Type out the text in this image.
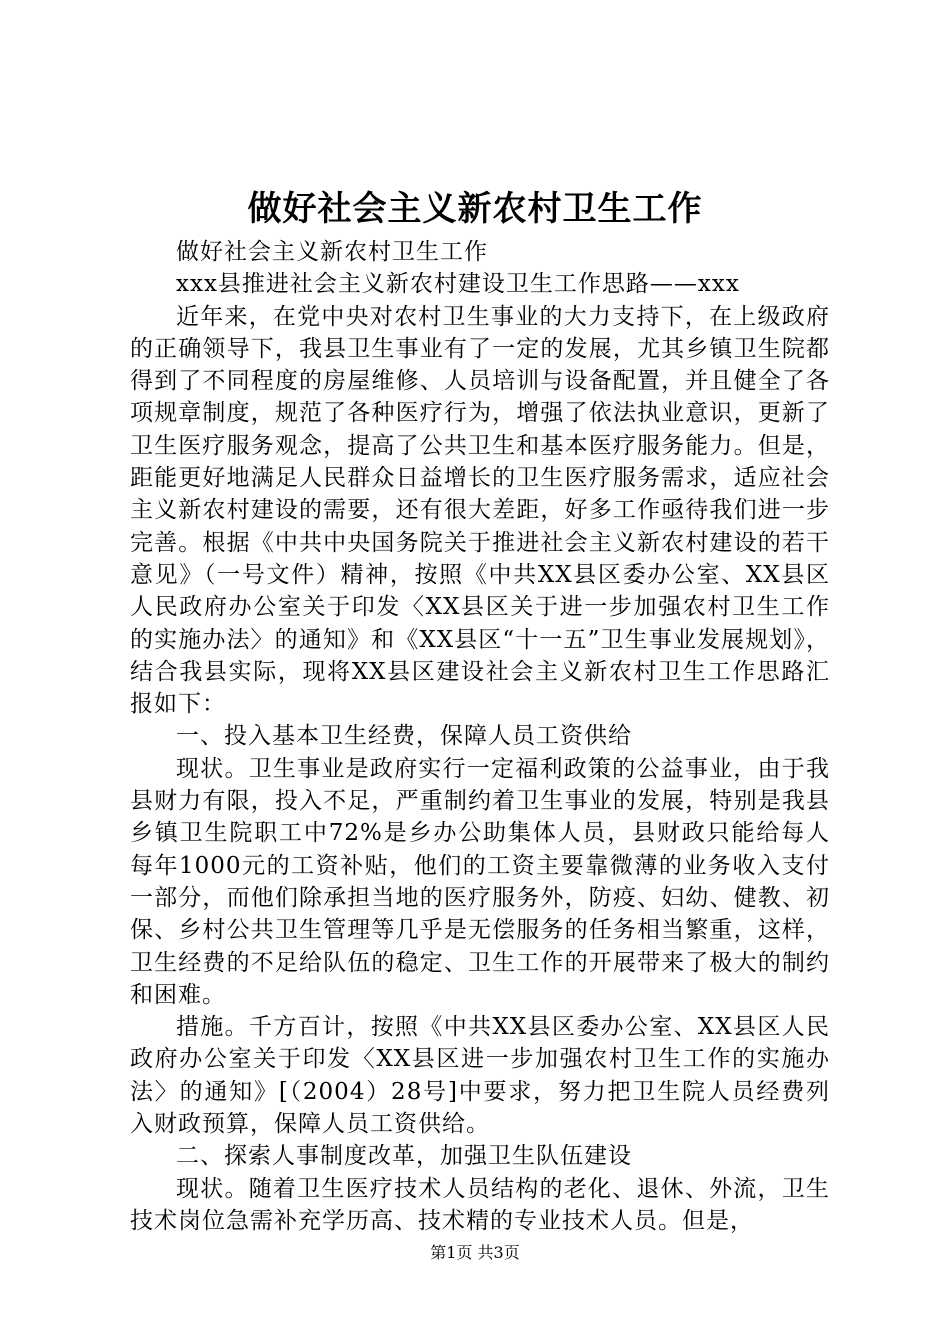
做好社会主义新农村卫生工作

做好社会主义新农村卫生工作

xxx县推进社会主义新农村建设卫生工作思路——xxx

近年来，在党中央对农村卫生事业的大力支持下，在上级政府的正确领导下，我县卫生事业有了一定的发展，尤其乡镇卫生院都得到了不同程度的房屋维修、人员培训与设备配置，并且健全了各项规章制度，规范了各种医疗行为，增强了依法执业意识，更新了卫生医疗服务观念，提高了公共卫生和基本医疗服务能力。但是，距能更好地满足人民群众日益增长的卫生医疗服务需求，适应社会主义新农村建设的需要，还有很大差距，好多工作亟待我们进一步完善。根据《中共中央国务院关于推进社会主义新农村建设的若干意见》（一号文件）精神，按照《中共XX县区委办公室、XX县区人民政府办公室关于印发〈XX县区关于进一步加强农村卫生工作的实施办法〉的通知》和《XX县区“十一五”卫生事业发展规划》，结合我县实际，现将XX县区建设社会主义新农村卫生工作思路汇报如下：

一、投入基本卫生经费，保障人员工资供给

现状。卫生事业是政府实行一定福利政策的公益事业，由于我县财力有限，投入不足，严重制约着卫生事业的发展，特别是我县乡镇卫生院职工中72%是乡办公助集体人员，县财政只能给每人每年1000元的工资补贴，他们的工资主要靠微薄的业务收入支付一部分，而他们除承担当地的医疗服务外，防疫、妇幼、健教、初保、乡村公共卫生管理等几乎是无偿服务的任务相当繁重，这样，卫生经费的不足给队伍的稳定、卫生工作的开展带来了极大的制约和困难。

措施。千方百计，按照《中共XX县区委办公室、XX县区人民政府办公室关于印发〈XX县区进一步加强农村卫生工作的实施办法〉的通知》[（2004）28号]中要求，努力把卫生院人员经费列入财政预算，保障人员工资供给。

二、探索人事制度改革，加强卫生队伍建设

现状。随着卫生医疗技术人员结构的老化、退休、外流，卫生技术岗位急需补充学历高、技术精的专业技术人员。但是，

第1页 共3页
